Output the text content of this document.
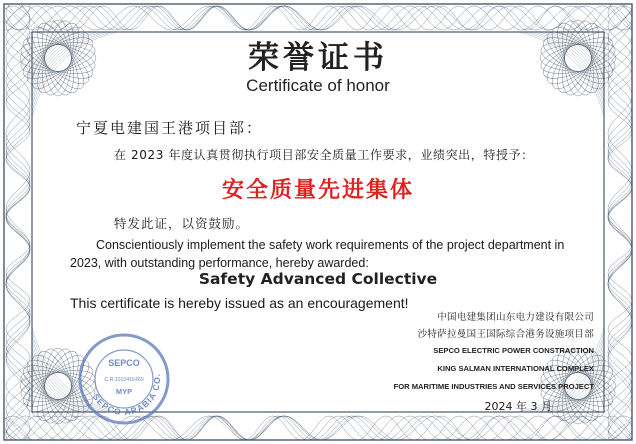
荣誉证书
Certificate of honor
宁夏电建国王港项目部：
在 2023 年度认真贯彻执行项目部安全质量工作要求，业绩突出，特授予：
安全质量先进集体
特发此证，以资鼓励。
Conscientiously implement the safety work requirements of the project department in
2023, with outstanding performance, hereby awarded:
Safety Advanced Collective
This certificate is hereby issued as an encouragement!
中国电建集团山东电力建设有限公司
沙特萨拉曼国王国际综合港务设施项目部
SEPCO ELECTRIC POWER CONSTRACTION
KING SALMAN INTERNATIONAL COMPLEX
FOR MARITIME INDUSTRIES AND SERVICES PROJECT
2024 年 3 月
SEPCO ARABIA CO.
SEPCO
C.R.1010416469
MYP
